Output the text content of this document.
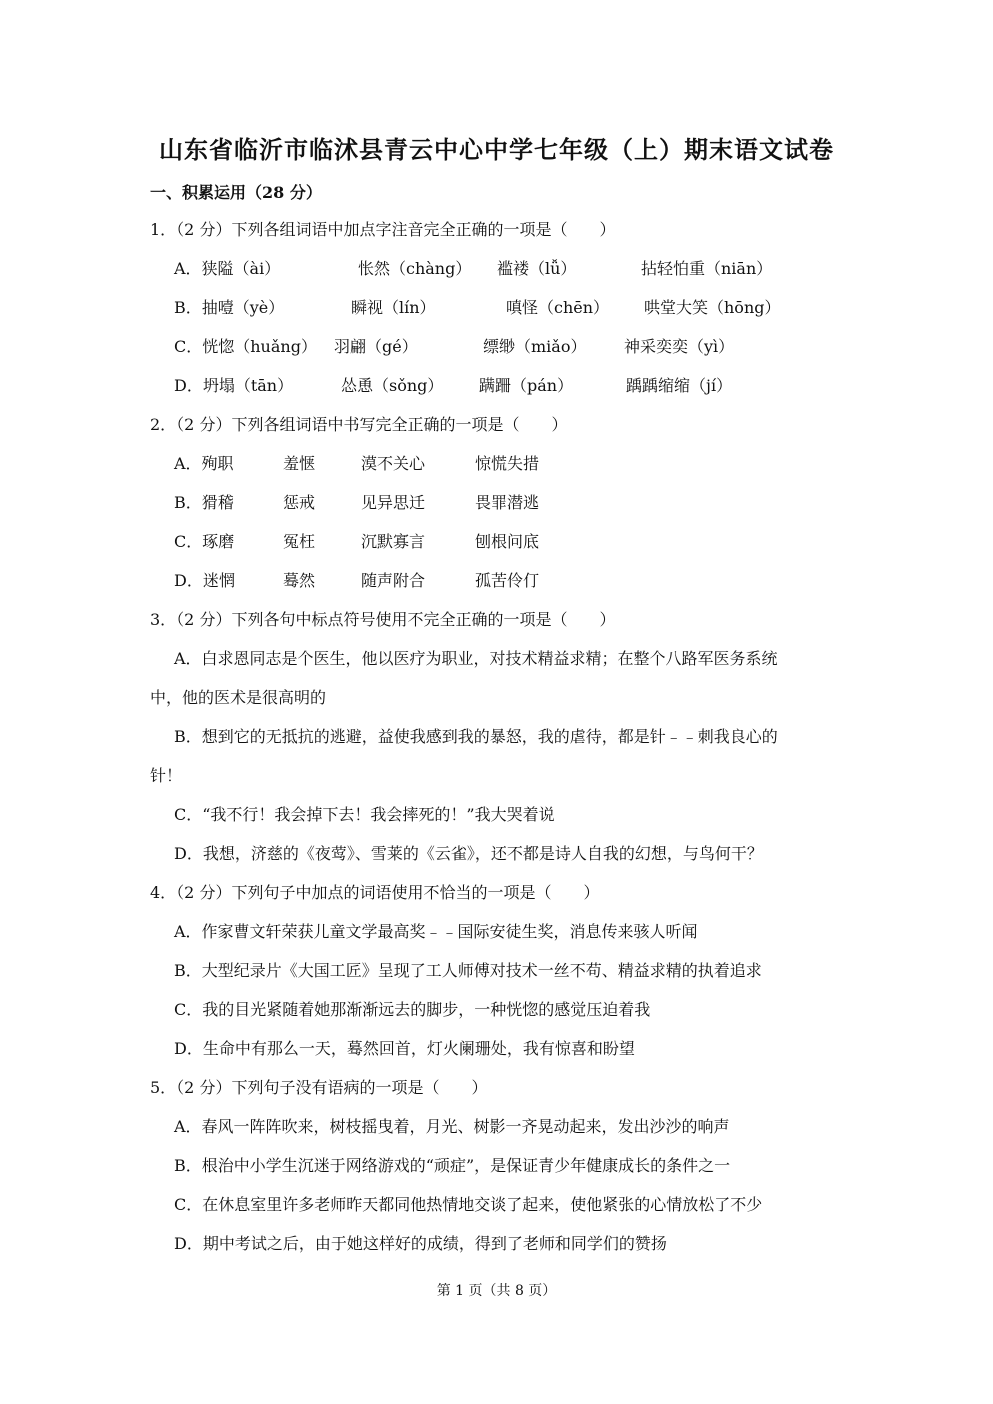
山东省临沂市临沭县青云中心中学七年级（上）期末语文试卷
一、积累运用（28 分）
1．（2 分）下列各组词语中加点字注音完全正确的一项是（　　）
A．狭隘（ài）	怅然（chàng） 褴褛（lǚ）	拈轻怕重（niān）
B．抽噎（yè）	瞬视（lín）	嗔怪（chēn） 哄堂大笑（hōng）
C．恍惚（huǎng） 羽翩（gé）	缥缈（miǎo） 神采奕奕（yì）
D．坍塌（tān）	怂恿（sǒng） 蹒跚（pán）	踽踽缩缩（jí）
2．（2 分）下列各组词语中书写完全正确的一项是（　　）
A．殉职	羞惬	漠不关心	惊慌失措
B．猾稽	惩戒	见异思迁	畏罪潜逃
C．琢磨	冤枉	沉默寡言	刨根问底
D．迷惘	蓦然	随声附合	孤苦伶仃
3．（2 分）下列各句中标点符号使用不完全正确的一项是（　　）
A．白求恩同志是个医生，他以医疗为职业，对技术精益求精；在整个八路军医务系统
中，他的医术是很高明的
B．想到它的无抵抗的逃避，益使我感到我的暴怒，我的虐待，都是针﹣﹣刺我良心的
针！
C．“我不行！我会掉下去！我会摔死的！”我大哭着说
D．我想，济慈的《夜莺》、雪莱的《云雀》，还不都是诗人自我的幻想，与鸟何干？
4．（2 分）下列句子中加点的词语使用不恰当的一项是（　　）
A．作家曹文轩荣获儿童文学最高奖﹣﹣国际安徒生奖，消息传来骇人听闻
B．大型纪录片《大国工匠》呈现了工人师傅对技术一丝不苟、精益求精的执着追求
C．我的目光紧随着她那渐渐远去的脚步，一种恍惚的感觉压迫着我
D．生命中有那么一天，蓦然回首，灯火阑珊处，我有惊喜和盼望
5．（2 分）下列句子没有语病的一项是（　　）
A．春风一阵阵吹来，树枝摇曳着，月光、树影一齐晃动起来，发出沙沙的响声
B．根治中小学生沉迷于网络游戏的“顽症”，是保证青少年健康成长的条件之一
C．在休息室里许多老师昨天都同他热情地交谈了起来，使他紧张的心情放松了不少
D．期中考试之后，由于她这样好的成绩，得到了老师和同学们的赞扬
第 1 页（共 8 页）
